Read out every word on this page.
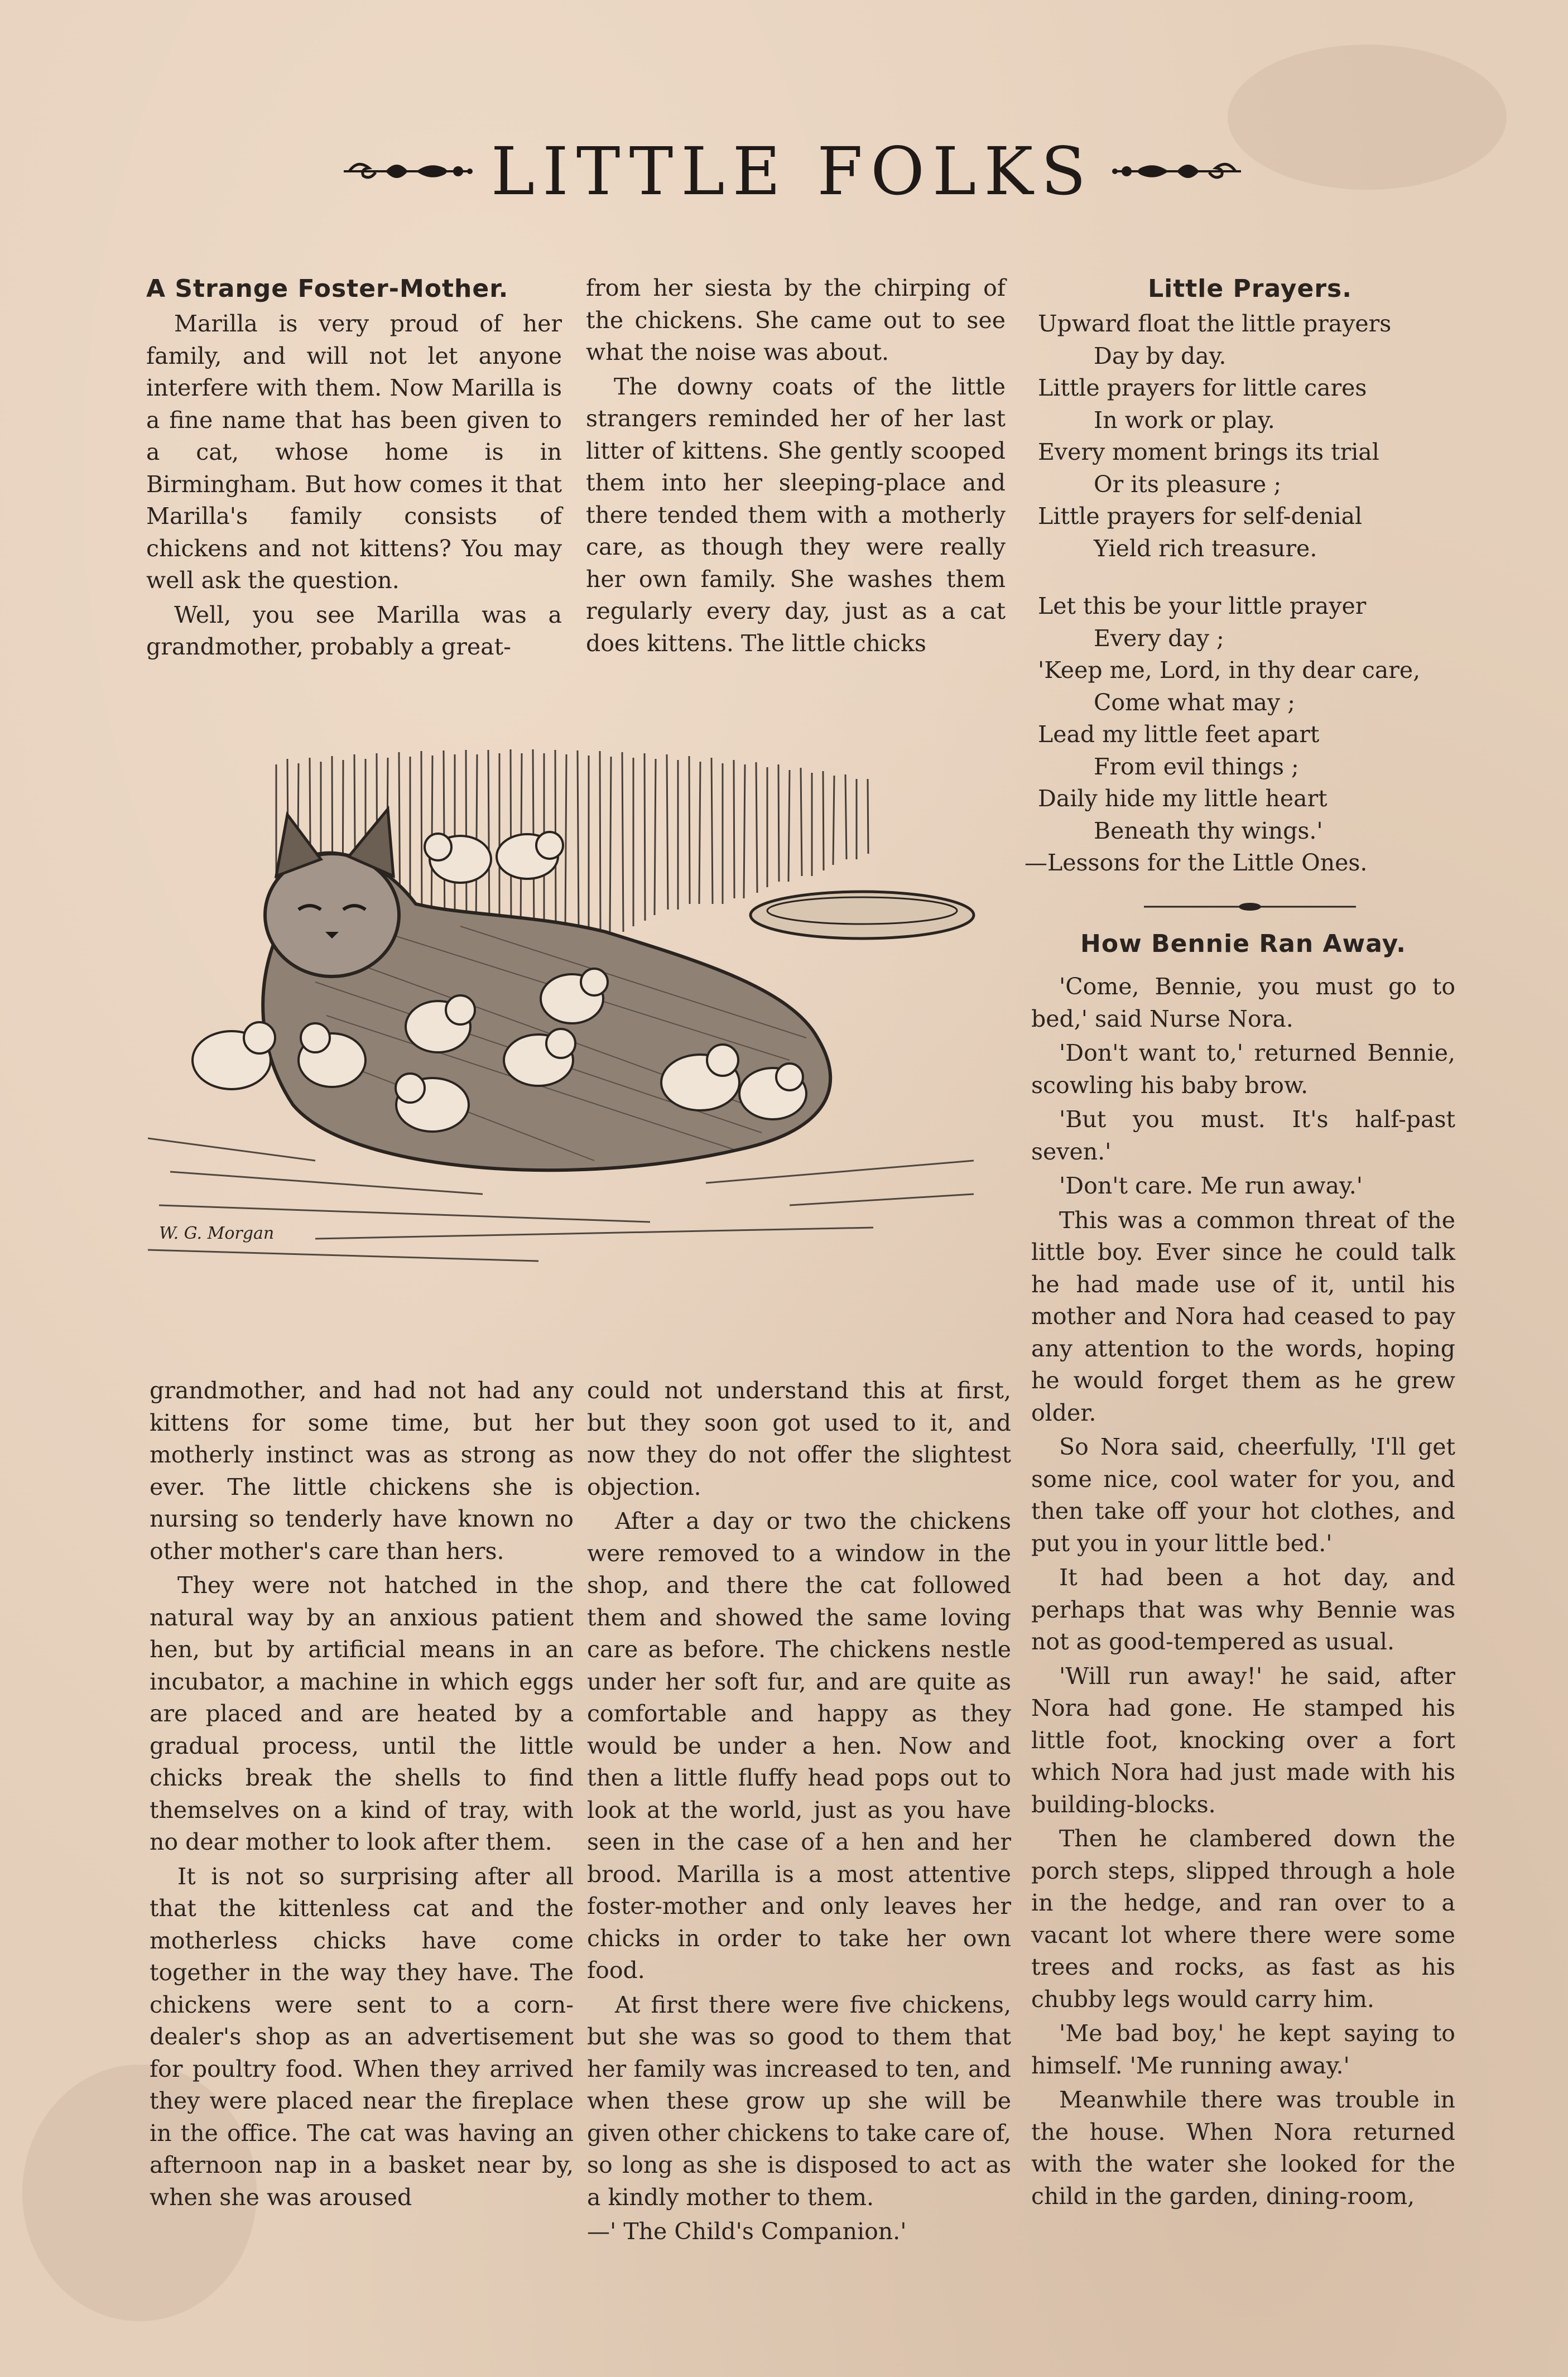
LITTLE FOLKS
A Strange Foster-Mother.

Marilla is very proud of her family, and will not let anyone interfere with them. Now Marilla is a fine name that has been given to a cat, whose home is in Birmingham. But how comes it that Marilla's family consists of chickens and not kittens? You may well ask the question.

Well, you see Marilla was a grandmother, probably a great-

from her siesta by the chirping of the chickens. She came out to see what the noise was about.

The downy coats of the little strangers reminded her of her last litter of kittens. She gently scooped them into her sleeping-place and there tended them with a motherly care, as though they were really her own family. She washes them regularly every day, just as a cat does kittens. The little chicks

W. G. Morgan

grandmother, and had not had any kittens for some time, but her motherly instinct was as strong as ever. The little chickens she is nursing so tenderly have known no other mother's care than hers.

They were not hatched in the natural way by an anxious patient hen, but by artificial means in an incubator, a machine in which eggs are placed and are heated by a gradual process, until the little chicks break the shells to find themselves on a kind of tray, with no dear mother to look after them.

It is not so surprising after all that the kittenless cat and the motherless chicks have come together in the way they have. The chickens were sent to a corn-dealer's shop as an advertisement for poultry food. When they arrived they were placed near the fireplace in the office. The cat was having an afternoon nap in a basket near by, when she was aroused

could not understand this at first, but they soon got used to it, and now they do not offer the slightest objection.

After a day or two the chickens were removed to a window in the shop, and there the cat followed them and showed the same loving care as before. The chickens nestle under her soft fur, and are quite as comfortable and happy as they would be under a hen. Now and then a little fluffy head pops out to look at the world, just as you have seen in the case of a hen and her brood. Marilla is a most attentive foster-mother and only leaves her chicks in order to take her own food.

At first there were five chickens, but she was so good to them that her family was increased to ten, and when these grow up she will be given other chickens to take care of, so long as she is disposed to act as a kindly mother to them.

—' The Child's Companion.'

Little Prayers.
Upward float the little prayers
Day by day.
Little prayers for little cares
In work or play.
Every moment brings its trial
Or its pleasure ;
Little prayers for self-denial
Yield rich treasure.
Let this be your little prayer
Every day ;
'Keep me, Lord, in thy dear care,
Come what may ;
Lead my little feet apart
From evil things ;
Daily hide my little heart
Beneath thy wings.'
—Lessons for the Little Ones.
How Bennie Ran Away.

'Come, Bennie, you must go to bed,' said Nurse Nora.

'Don't want to,' returned Bennie, scowling his baby brow.

'But you must. It's half-past seven.'

'Don't care. Me run away.'

This was a common threat of the little boy. Ever since he could talk he had made use of it, until his mother and Nora had ceased to pay any attention to the words, hoping he would forget them as he grew older.

So Nora said, cheerfully, 'I'll get some nice, cool water for you, and then take off your hot clothes, and put you in your little bed.'

It had been a hot day, and perhaps that was why Bennie was not as good-tempered as usual.

'Will run away!' he said, after Nora had gone. He stamped his little foot, knocking over a fort which Nora had just made with his building-blocks.

Then he clambered down the porch steps, slipped through a hole in the hedge, and ran over to a vacant lot where there were some trees and rocks, as fast as his chubby legs would carry him.

'Me bad boy,' he kept saying to himself. 'Me running away.'

Meanwhile there was trouble in the house. When Nora returned with the water she looked for the child in the garden, dining-room,
